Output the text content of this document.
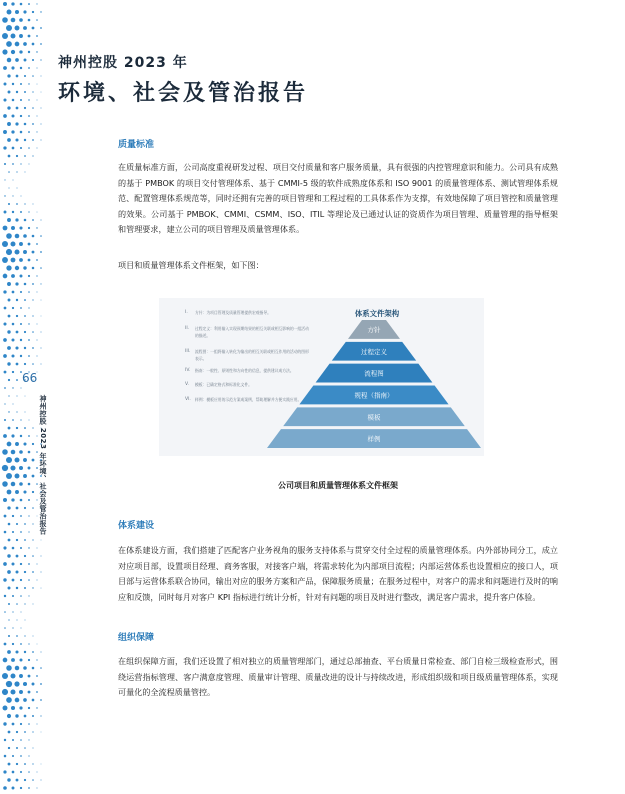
神州控股 2023 年
环境、社会及管治报告
66
神州控股 2023 年环境、社会及管治报告
质量标准
在质量标准方面，公司高度重视研发过程、项目交付质量和客户服务质量，具有很强的内控管理意识和能力。公司具有成熟的基于 PMBOK 的项目交付管理体系、基于 CMMI-5 级的软件成熟度体系和 ISO 9001 的质量管理体系、测试管理体系规范、配置管理体系规范等，同时还拥有完善的项目管理和工程过程的工具体系作为支撑，有效地保障了项目管控和质量管理的效果。公司基于 PMBOK、CMMI、CSMM、ISO、ITIL 等理论及已通过认证的资质作为项目管理、质量管理的指导框架和管理要求，建立公司的项目管理及质量管理体系。
项目和质量管理体系文件框架，如下图：
I. 方针：为项目管理及质量管理提供宏观指导。
II. 过程定义：利用输入实现预期结果的相互关联或相互影响的一组活动的描述。
III. 流程图：一组将输入转化为输出的相互关联或相互作用的活动的图形表示。
IV. 指南：一般性、原则性和方向性的信息，提供建议或方法。
V. 模板：已确定格式和标准化文件。
VI. 样例：模板应用的示范方案或案例，帮助理解并方便实践应用。
方针
过程定义
流程图
规程（指南）
模板
样例
体系文件架构
公司项目和质量管理体系文件框架
体系建设
在体系建设方面，我们搭建了匹配客户业务视角的服务支持体系与贯穿交付全过程的质量管理体系。内外部协同分工，成立对应项目部，设置项目经理、商务客服，对接客户端，将需求转化为内部项目流程；内部运营体系也设置相应的接口人，项目部与运营体系联合协同，输出对应的服务方案和产品，保障服务质量；在服务过程中，对客户的需求和问题进行及时的响应和反馈，同时每月对客户 KPI 指标进行统计分析，针对有问题的项目及时进行整改，满足客户需求，提升客户体验。
组织保障
在组织保障方面，我们还设置了相对独立的质量管理部门，通过总部抽查、平台质量日常检查、部门自检三级检查形式，围绕运营指标管理、客户满意度管理、质量审计管理、质量改进的设计与持续改进，形成组织级和项目级质量管理体系，实现可量化的全流程质量管控。
